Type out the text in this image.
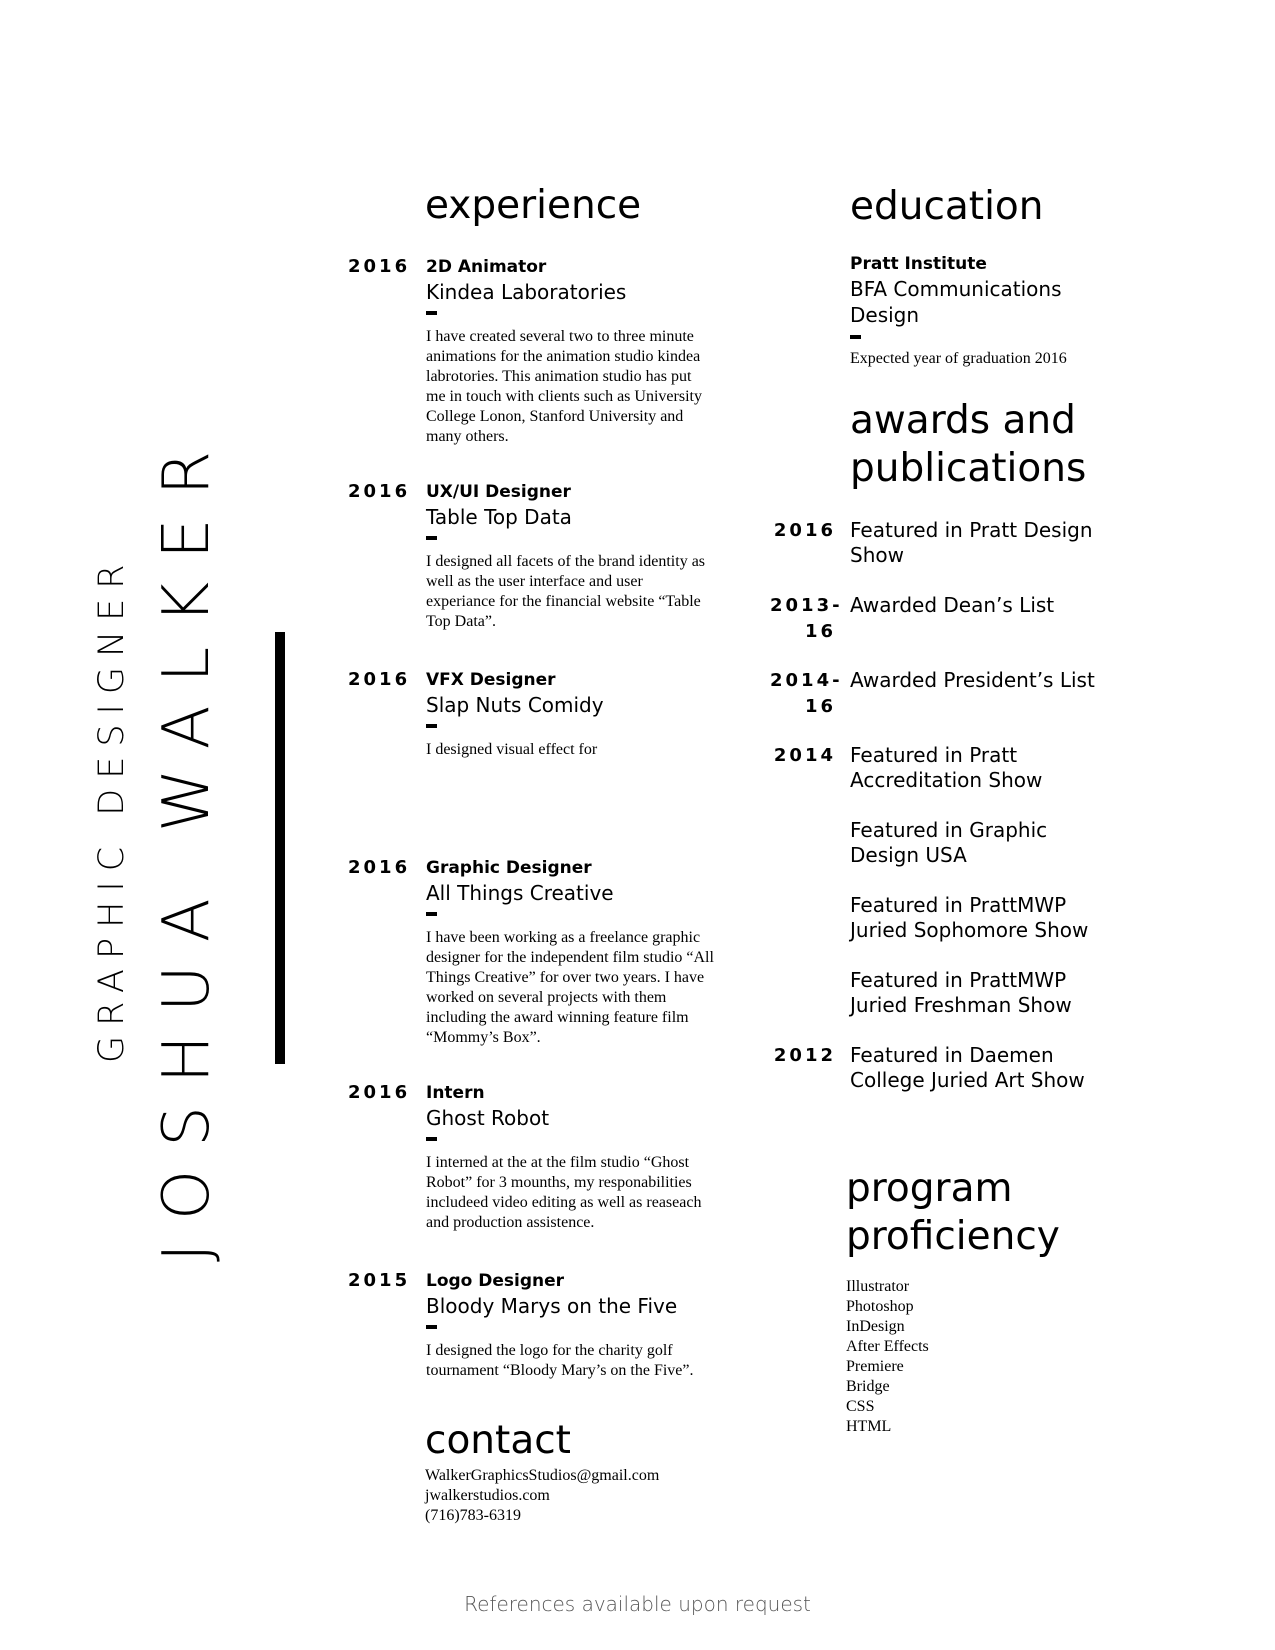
GRAPHIC DESIGNER JOSHUA WALKER
experience
2016 2D Animator
Kindea Laboratories
I have created several two to three minute animations for the animation studio kindea labrotories. This animation studio has put me in touch with clients such as University College Lonon, Stanford University and many others.
2016 UX/UI Designer
Table Top Data
I designed all facets of the brand identity as well as the user interface and user experiance for the financial website “Table Top Data”.
2016 VFX Designer
Slap Nuts Comidy
I designed visual effect for
2016 Graphic Designer
All Things Creative
I have been working as a freelance graphic designer for the independent film studio “All Things Creative” for over two years. I have worked on several projects with them including the award winning feature film “Mommy’s Box”.
2016 Intern
Ghost Robot
I interned at the at the film studio “Ghost Robot” for 3 mounths, my responabilities includeed video editing as well as reaseach and production assistence.
2015 Logo Designer
Bloody Marys on the Five
I designed the logo for the charity golf tournament “Bloody Mary’s on the Five”.
contact
WalkerGraphicsStudios@gmail.com
jwalkerstudios.com
(716)783-6319
education
Pratt Institute
BFA Communications Design
Expected year of graduation 2016
awards and
publications
2016 Featured in Pratt Design Show
2013-16
Awarded Dean’s List
2014-16
Awarded President’s List
2014 Featured in Pratt Accreditation Show
Featured in Graphic Design USA
Featured in PrattMWP Juried Sophomore Show
Featured in PrattMWP Juried Freshman Show
2012 Featured in Daemen College Juried Art Show
program
proficiency
Illustrator
Photoshop
InDesign
After Effects
Premiere
Bridge
CSS
HTML
References available upon request
